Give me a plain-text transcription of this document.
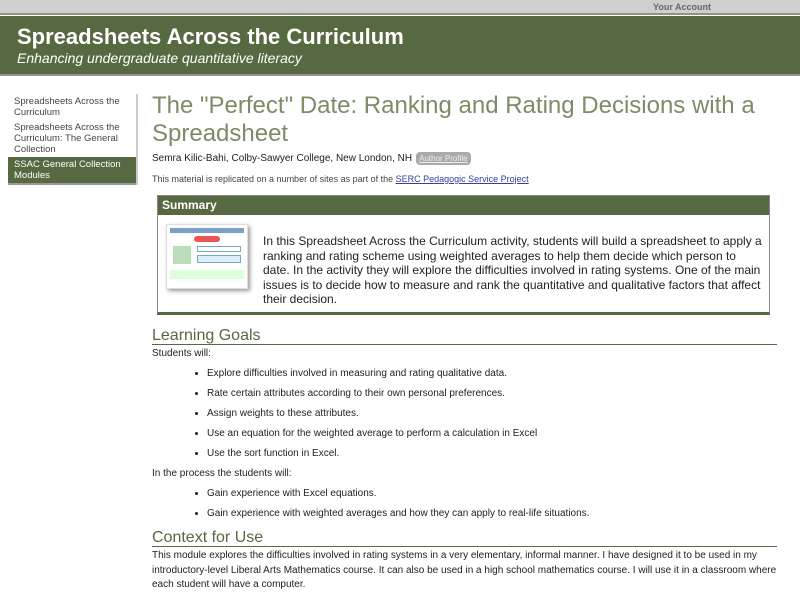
Your Account
Spreadsheets Across the Curriculum
Enhancing undergraduate quantitative literacy
Spreadsheets Across the Curriculum
Spreadsheets Across the Curriculum: The General Collection
SSAC General Collection Modules
The "Perfect" Date: Ranking and Rating Decisions with a Spreadsheet
Semra Kilic-Bahi, Colby-Sawyer College, New London, NH Author Profile
This material is replicated on a number of sites as part of the SERC Pedagogic Service Project
Summary
In this Spreadsheet Across the Curriculum activity, students will build a spreadsheet to apply a ranking and rating scheme using weighted averages to help them decide which person to date. In the activity they will explore the difficulties involved in rating systems. One of the main issues is to decide how to measure and rank the quantitative and qualitative factors that affect their decision.
Learning Goals
Students will:
• Explore difficulties involved in measuring and rating qualitative data.
• Rate certain attributes according to their own personal preferences.
• Assign weights to these attributes.
• Use an equation for the weighted average to perform a calculation in Excel
• Use the sort function in Excel.
In the process the students will:
• Gain experience with Excel equations.
• Gain experience with weighted averages and how they can apply to real-life situations.
Context for Use
This module explores the difficulties involved in rating systems in a very elementary, informal manner. I have designed it to be used in my introductory-level Liberal Arts Mathematics course. It can also be used in a high school mathematics course. I will use it in a classroom where each student will have a computer.
